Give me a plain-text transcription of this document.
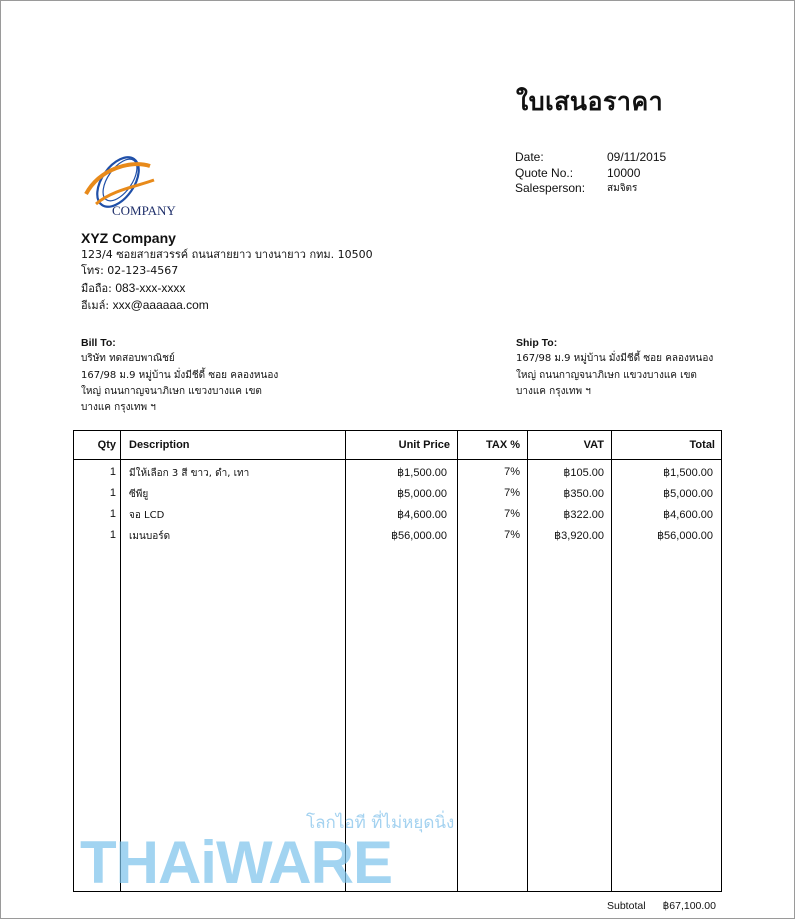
ใบเสนอราคา
Date:	09/11/2015
Quote No.:	10000
Salesperson:	สมจิตร
COMPANY
XYZ Company
123/4 ซอยสายสวรรค์ ถนนสายยาว บางนายาว กทม. 10500
โทร: 02-123-4567
มือถือ: 083-xxx-xxxx
อีเมล์: xxx@aaaaaa.com
Bill To:
บริษัท ทดสอบพาณิชย์
167/98 ม.9 หมู่บ้าน มั่งมีชีดี้ ซอย คลองหนอง
ใหญ่ ถนนกาญจนาภิเษก แขวงบางแค เขต
บางแค กรุงเทพ ฯ
Ship To:
167/98 ม.9 หมู่บ้าน มั่งมีชีดี้ ซอย คลองหนอง
ใหญ่ ถนนกาญจนาภิเษก แขวงบางแค เขต
บางแค กรุงเทพ ฯ
Qty Description	Unit Price	TAX %	VAT	Total
1 มีให้เลือก 3 สี ขาว, ดำ, เทา	฿1,500.00	7%	฿105.00	฿1,500.00
1 ซีพียู	฿5,000.00	7%	฿350.00	฿5,000.00
1 จอ LCD	฿4,600.00	7%	฿322.00	฿4,600.00
1 เมนบอร์ด	฿56,000.00	7%	฿3,920.00	฿56,000.00
โลกไอที ที่ไม่หยุดนิ่ง
THAiWARE
Subtotal ฿67,100.00
